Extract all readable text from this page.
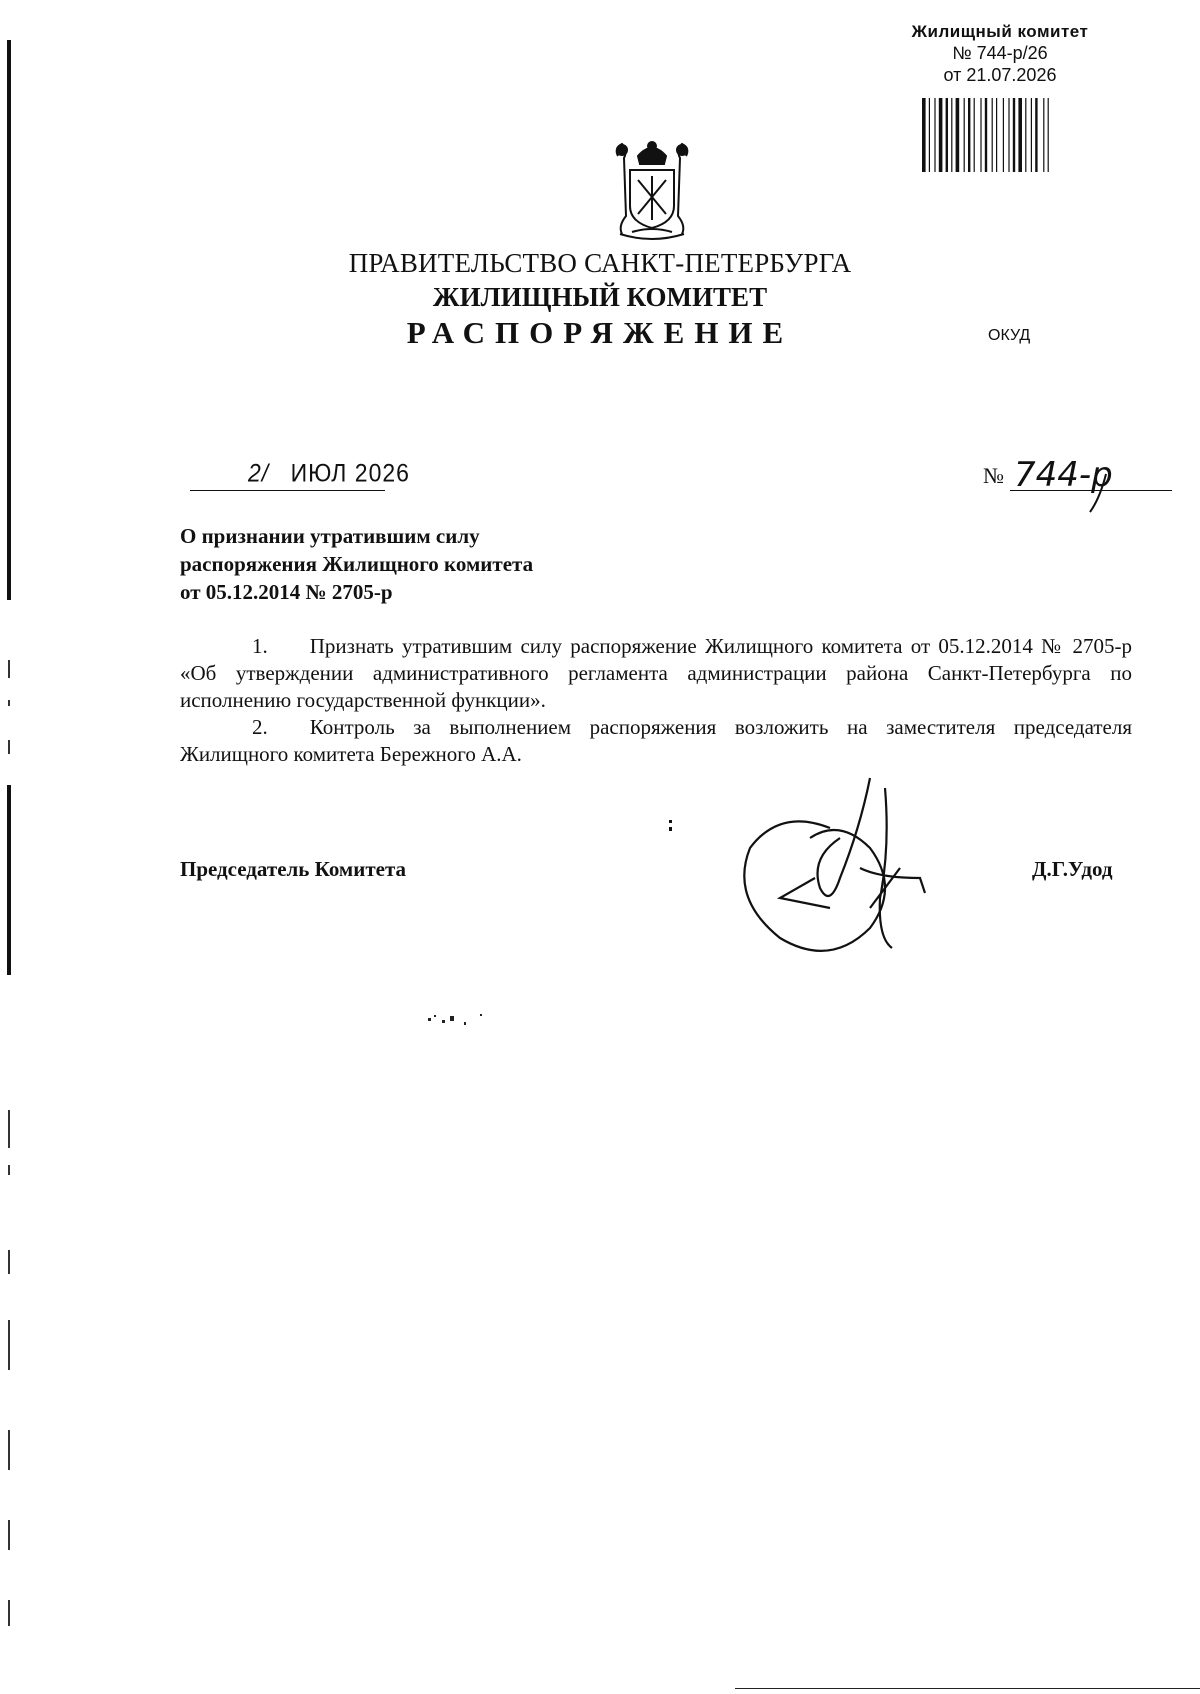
Жилищный комитет
№ 744-р/26
от 21.07.2026
ПРАВИТЕЛЬСТВО САНКТ-ПЕТЕРБУРГА
ЖИЛИЩНЫЙ КОМИТЕТ
РАСПОРЯЖЕНИЕ	ОКУД
2/ ИЮЛ 2026	№ 744-р
О признании утратившим силу
распоряжения Жилищного комитета
от 05.12.2014 № 2705-р

1.  Признать утратившим силу распоряжение Жилищного комитета от 05.12.2014 № 2705-р «Об утверждении административного регламента администрации района Санкт-Петербурга по исполнению государственной функции».

2.  Контроль за выполнением распоряжения возложить на заместителя председателя Жилищного комитета Бережного А.А.

Председатель Комитета	Д.Г.Удод
